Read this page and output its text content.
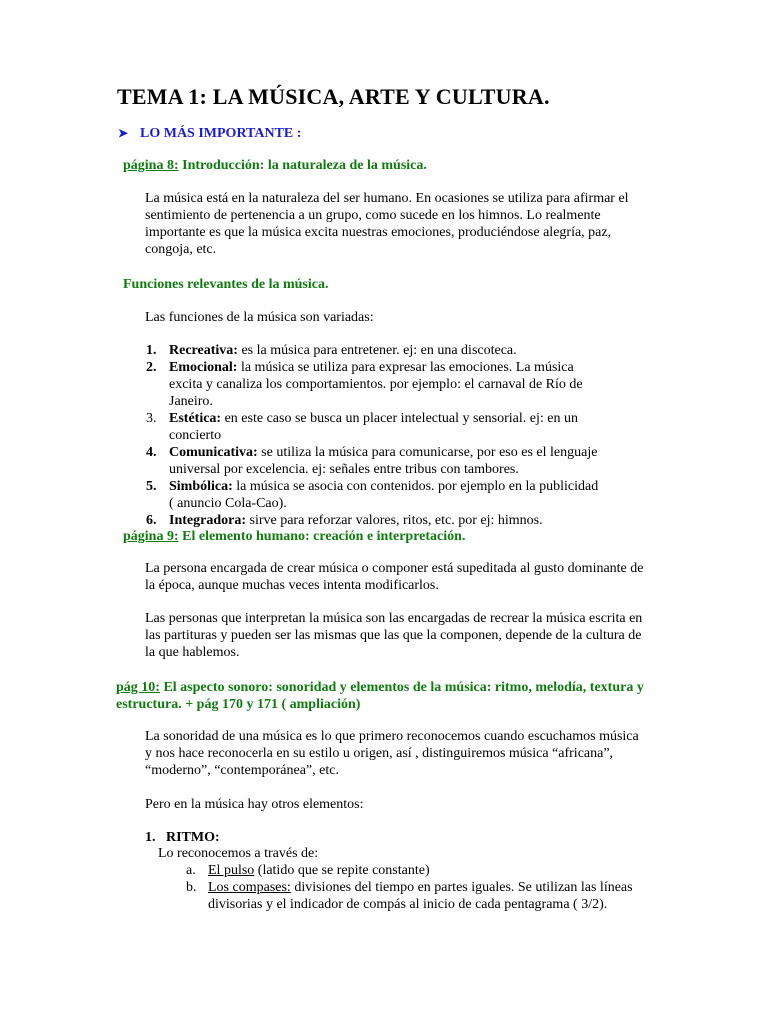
TEMA 1: LA MÚSICA, ARTE Y CULTURA.
➤ LO MÁS IMPORTANTE :
página 8: Introducción: la naturaleza de la música.

La música está en la naturaleza del ser humano. En ocasiones se utiliza para afirmar el sentimiento de pertenencia a un grupo, como sucede en los himnos. Lo realmente importante es que la música excita nuestras emociones, produciéndose alegría, paz, congoja, etc.

Funciones relevantes de la música.

Las funciones de la música son variadas:

1. Recreativa: es la música para entretener. ej: en una discoteca.
2. Emocional: la música se utiliza para expresar las emociones. La música excita y canaliza los comportamientos. por ejemplo: el carnaval de Río de Janeiro.
3. Estética: en este caso se busca un placer intelectual y sensorial. ej: en un concierto
4. Comunicativa: se utiliza la música para comunicarse, por eso es el lenguaje universal por excelencia. ej: señales entre tribus con tambores.
5. Simbólica: la música se asocia con contenidos. por ejemplo en la publicidad ( anuncio Cola-Cao).
6. Integradora: sirve para reforzar valores, ritos, etc. por ej: himnos.
página 9: El elemento humano: creación e interpretación.

La persona encargada de crear música o componer está supeditada al gusto dominante de la época, aunque muchas veces intenta modificarlos.

Las personas que interpretan la música son las encargadas de recrear la música escrita en las partituras y pueden ser las mismas que las que la componen, depende de la cultura de la que hablemos.

pág 10: El aspecto sonoro: sonoridad y elementos de la música: ritmo, melodía, textura y estructura. + pág 170 y 171 ( ampliación)

La sonoridad de una música es lo que primero reconocemos cuando escuchamos música y nos hace reconocerla en su estilo u origen, así , distinguiremos música “africana”, “moderno”, “contemporánea”, etc.

Pero en la música hay otros elementos:

1. RITMO:

Lo reconocemos a través de:

a. El pulso (latido que se repite constante)
b. Los compases: divisiones del tiempo en partes iguales. Se utilizan las líneas divisorias y el indicador de compás al inicio de cada pentagrama ( 3/2).
